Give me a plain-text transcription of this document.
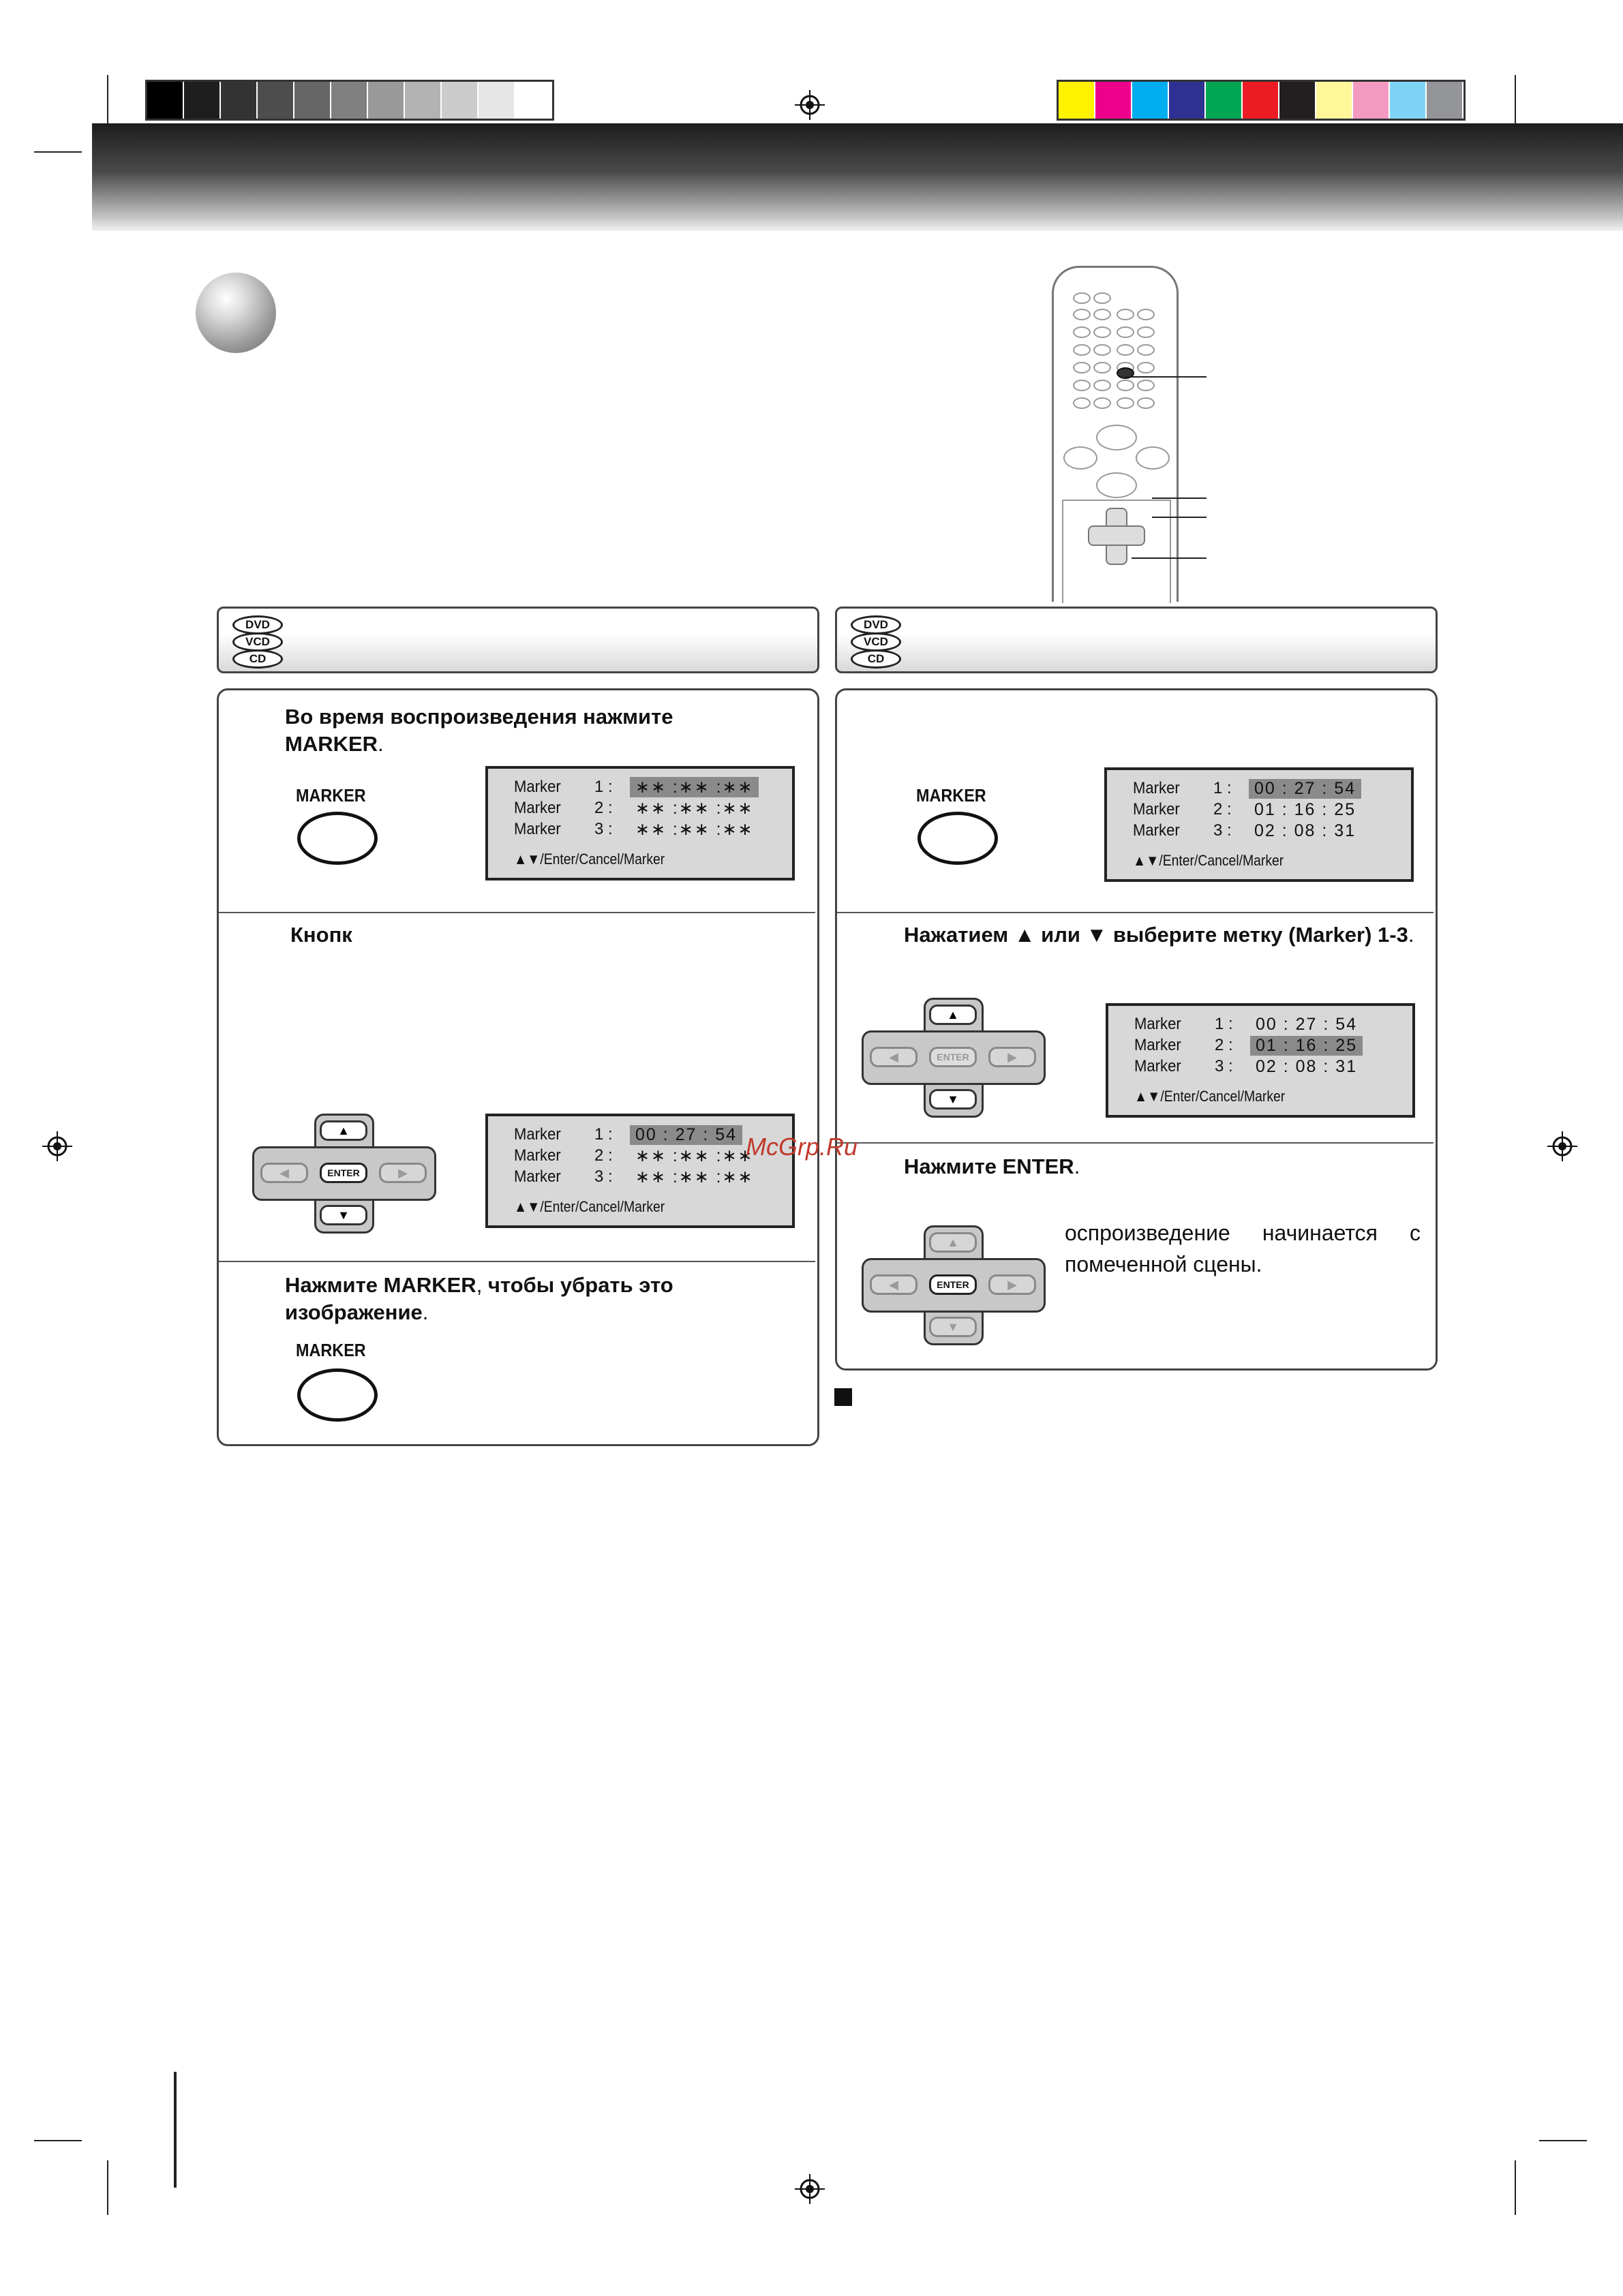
DVD
VCD
CD
DVD
VCD
CD
Во время воспроизведения нажмите MARKER.
MARKER	Marker	1 :	∗∗ :∗∗ :∗∗
Marker	2 :	∗∗ :∗∗ :∗∗
Marker	3 :	∗∗ :∗∗ :∗∗
▲▼/Enter/Cancel/Marker
Кнопк
▲
▼
◀	▶
ENTER
Marker	1 :	00 : 27 : 54
Marker	2 :	∗∗ :∗∗ :∗∗
Marker	3 :	∗∗ :∗∗ :∗∗
▲▼/Enter/Cancel/Marker
Нажмите MARKER, чтобы убрать это изображение.
MARKER
MARKER	Marker	1 :	00 : 27 : 54
Marker	2 :	01 : 16 : 25
Marker	3 :	02 : 08 : 31
▲▼/Enter/Cancel/Marker
Нажатием ▲ или ▼ выберите метку (Marker) 1-3.
▲
▼
◀	▶
ENTER
Marker	1 :	00 : 27 : 54
Marker	2 :	01 : 16 : 25
Marker	3 :	02 : 08 : 31
▲▼/Enter/Cancel/Marker
Нажмите ENTER.
▲
▼
◀	▶
ENTER
оспроизведение начинается с помеченной сцены.
McGrp.Ru
